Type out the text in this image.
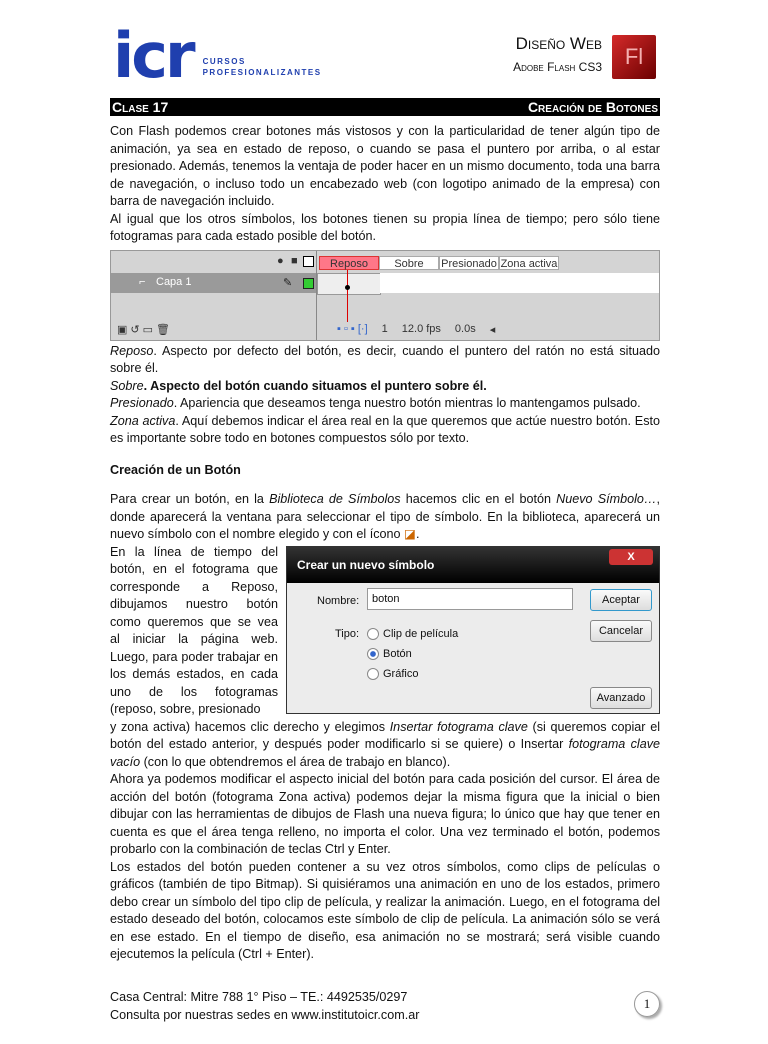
icr CURSOS
PROFESIONALIZANTES
Diseño Web
Adobe Flash CS3	Fl
Clase 17	Creación de Botones

Con Flash podemos crear botones más vistosos y con la particularidad de tener algún tipo de animación, ya sea en estado de reposo, o cuando se pasa el puntero por arriba, o al estar presionado. Además, tenemos la ventaja de poder hacer en un mismo documento, toda una barra de navegación, o incluso todo un encabezado web (con logotipo animado de la empresa) con barra de navegación incluido.

Al igual que los otros símbolos, los botones tienen su propia línea de tiempo; pero sólo tiene fotogramas para cada estado posible del botón.

● ■
⌐ Capa 1	✎
▣↺▭🗑
Reposo	Sobre	Presionado Zona activa
▪ ▫ ▪ [·] 1 12.0 fps 0.0s ◂

Reposo. Aspecto por defecto del botón, es decir, cuando el puntero del ratón no está situado sobre él.

Sobre. Aspecto del botón cuando situamos el puntero sobre él.

Presionado. Apariencia que deseamos tenga nuestro botón mientras lo mantengamos pulsado.

Zona activa. Aquí debemos indicar el área real en la que queremos que actúe nuestro botón. Esto es importante sobre todo en botones compuestos sólo por texto.

Creación de un Botón

Para crear un botón, en la Biblioteca de Símbolos hacemos clic en el botón Nuevo Símbolo…, donde aparecerá la ventana para seleccionar el tipo de símbolo. En la biblioteca, aparecerá un nuevo símbolo con el nombre elegido y con el ícono ◪.

Crear un nuevo símbolo
X
Nombre:	boton
Tipo:	Clip de película
Botón
Gráfico
Aceptar
Cancelar
Avanzado

En la línea de tiempo del botón, en el fotograma que corresponde a Reposo, dibujamos nuestro botón como queremos que se vea al iniciar la página web. Luego, para poder trabajar en los demás estados, en cada uno de los fotogramas (reposo, sobre, presionado

y zona activa) hacemos clic derecho y elegimos Insertar fotograma clave (si queremos copiar el botón del estado anterior, y después poder modificarlo si se quiere) o Insertar fotograma clave vacío (con lo que obtendremos el área de trabajo en blanco).

Ahora ya podemos modificar el aspecto inicial del botón para cada posición del cursor. El área de acción del botón (fotograma Zona activa) podemos dejar la misma figura que la inicial o bien dibujar con las herramientas de dibujos de Flash una nueva figura; lo único que hay que tener en cuenta es que el área tenga relleno, no importa el color. Una vez terminado el botón, podemos probarlo con la combinación de teclas Ctrl y Enter.

Los estados del botón pueden contener a su vez otros símbolos, como clips de películas o gráficos (también de tipo Bitmap). Si quisiéramos una animación en uno de los estados, primero debo crear un símbolo del tipo clip de película, y realizar la animación. Luego, en el fotograma del estado deseado del botón, colocamos este símbolo de clip de película. La animación sólo se verá en ese estado. En el tiempo de diseño, esa animación no se mostrará; será visible cuando ejecutemos la película (Ctrl + Enter).

Casa Central: Mitre 788 1° Piso – TE.: 4492535/0297
Consulta por nuestras sedes en www.institutoicr.com.ar
1
